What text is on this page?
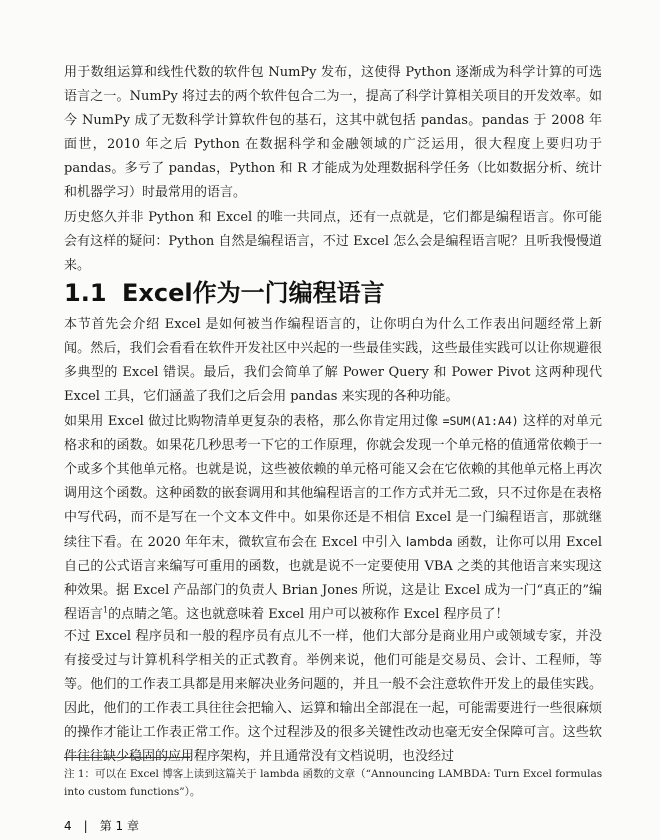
用于数组运算和线性代数的软件包 NumPy 发布，这使得 Python 逐渐成为科学计算的可选语言之一。NumPy 将过去的两个软件包合二为一，提高了科学计算相关项目的开发效率。如今 NumPy 成了无数科学计算软件包的基石，这其中就包括 pandas。pandas 于 2008 年面世，2010 年之后 Python 在数据科学和金融领域的广泛运用，很大程度上要归功于 pandas。多亏了 pandas，Python 和 R 才能成为处理数据科学任务（比如数据分析、统计和机器学习）时最常用的语言。

历史悠久并非 Python 和 Excel 的唯一共同点，还有一点就是，它们都是编程语言。你可能会有这样的疑问：Python 自然是编程语言，不过 Excel 怎么会是编程语言呢？且听我慢慢道来。

1.1 Excel作为一门编程语言

本节首先会介绍 Excel 是如何被当作编程语言的，让你明白为什么工作表出问题经常上新闻。然后，我们会看看在软件开发社区中兴起的一些最佳实践，这些最佳实践可以让你规避很多典型的 Excel 错误。最后，我们会简单了解 Power Query 和 Power Pivot 这两种现代 Excel 工具，它们涵盖了我们之后会用 pandas 来实现的各种功能。

如果用 Excel 做过比购物清单更复杂的表格，那么你肯定用过像 =SUM(A1:A4) 这样的对单元格求和的函数。如果花几秒思考一下它的工作原理，你就会发现一个单元格的值通常依赖于一个或多个其他单元格。也就是说，这些被依赖的单元格可能又会在它依赖的其他单元格上再次调用这个函数。这种函数的嵌套调用和其他编程语言的工作方式并无二致，只不过你是在表格中写代码，而不是写在一个文本文件中。如果你还是不相信 Excel 是一门编程语言，那就继续往下看。在 2020 年年末，微软宣布会在 Excel 中引入 lambda 函数，让你可以用 Excel 自己的公式语言来编写可重用的函数，也就是说不一定要使用 VBA 之类的其他语言来实现这种效果。据 Excel 产品部门的负责人 Brian Jones 所说，这是让 Excel 成为一门“真正的”编程语言$^1$的点睛之笔。这也就意味着 Excel 用户可以被称作 Excel 程序员了！

不过 Excel 程序员和一般的程序员有点儿不一样，他们大部分是商业用户或领域专家，并没有接受过与计算机科学相关的正式教育。举例来说，他们可能是交易员、会计、工程师，等等。他们的工作表工具都是用来解决业务问题的，并且一般不会注意软件开发上的最佳实践。因此，他们的工作表工具往往会把输入、运算和输出全部混在一起，可能需要进行一些很麻烦的操作才能让工作表正常工作。这个过程涉及的很多关键性改动也毫无安全保障可言。这些软件往往缺少稳固的应用程序架构，并且通常没有文档说明，也没经过

注 1：可以在 Excel 博客上读到这篇关于 lambda 函数的文章（“Announcing LAMBDA: Turn Excel formulas into custom functions”）。

4 | 第 1 章
